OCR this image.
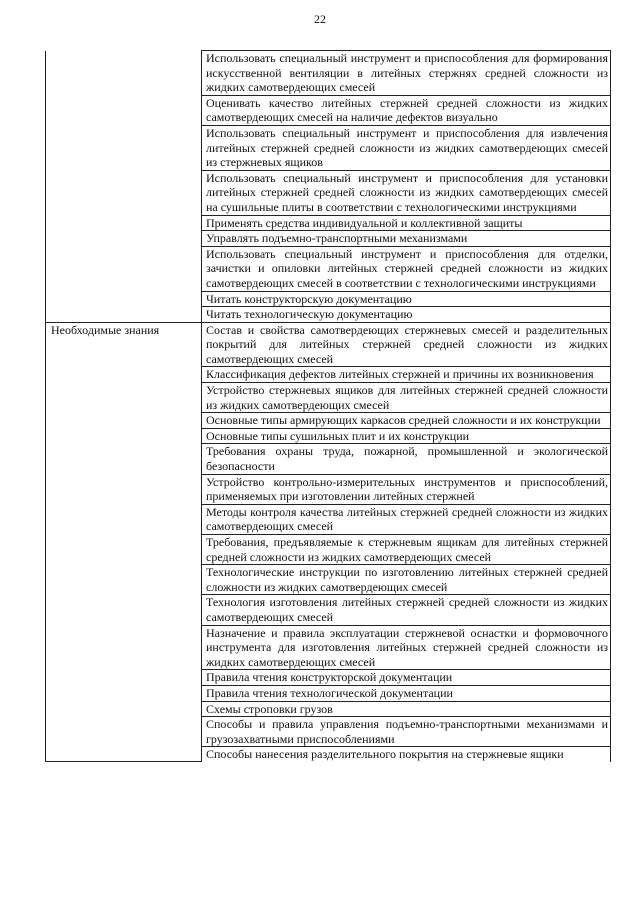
22
	Использовать специальный инструмент и приспособления для формирования искусственной вентиляции в литейных стержнях средней сложности из жидких самотвердеющих смесей
	Оценивать качество литейных стержней средней сложности из жидких самотвердеющих смесей на наличие дефектов визуально
	Использовать специальный инструмент и приспособления для извлечения литейных стержней средней сложности из жидких самотвердеющих смесей из стержневых ящиков
	Использовать специальный инструмент и приспособления для установки литейных стержней средней сложности из жидких самотвердеющих смесей на сушильные плиты в соответствии с технологическими инструкциями
	Применять средства индивидуальной и коллективной защиты
	Управлять подъемно-транспортными механизмами
	Использовать специальный инструмент и приспособления для отделки, зачистки и опиловки литейных стержней средней сложности из жидких самотвердеющих смесей в соответствии с технологическими инструкциями
	Читать конструкторскую документацию
	Читать технологическую документацию
Необходимые знания	Состав и свойства самотвердеющих стержневых смесей и разделительных покрытий для литейных стержней средней сложности из жидких самотвердеющих смесей
	Классификация дефектов литейных стержней и причины их возникновения
	Устройство стержневых ящиков для литейных стержней средней сложности из жидких самотвердеющих смесей
	Основные типы армирующих каркасов средней сложности и их конструкции
	Основные типы сушильных плит и их конструкции
	Требования охраны труда, пожарной, промышленной и экологической безопасности
	Устройство контрольно-измерительных инструментов и приспособлений, применяемых при изготовлении литейных стержней
	Методы контроля качества литейных стержней средней сложности из жидких самотвердеющих смесей
	Требования, предъявляемые к стержневым ящикам для литейных стержней средней сложности из жидких самотвердеющих смесей
	Технологические инструкции по изготовлению литейных стержней средней сложности из жидких самотвердеющих смесей
	Технология изготовления литейных стержней средней сложности из жидких самотвердеющих смесей
	Назначение и правила эксплуатации стержневой оснастки и формовочного инструмента для изготовления литейных стержней средней сложности из жидких самотвердеющих смесей
	Правила чтения конструкторской документации
	Правила чтения технологической документации
	Схемы строповки грузов
	Способы и правила управления подъемно-транспортными механизмами и грузозахватными приспособлениями
	Способы нанесения разделительного покрытия на стержневые ящики
